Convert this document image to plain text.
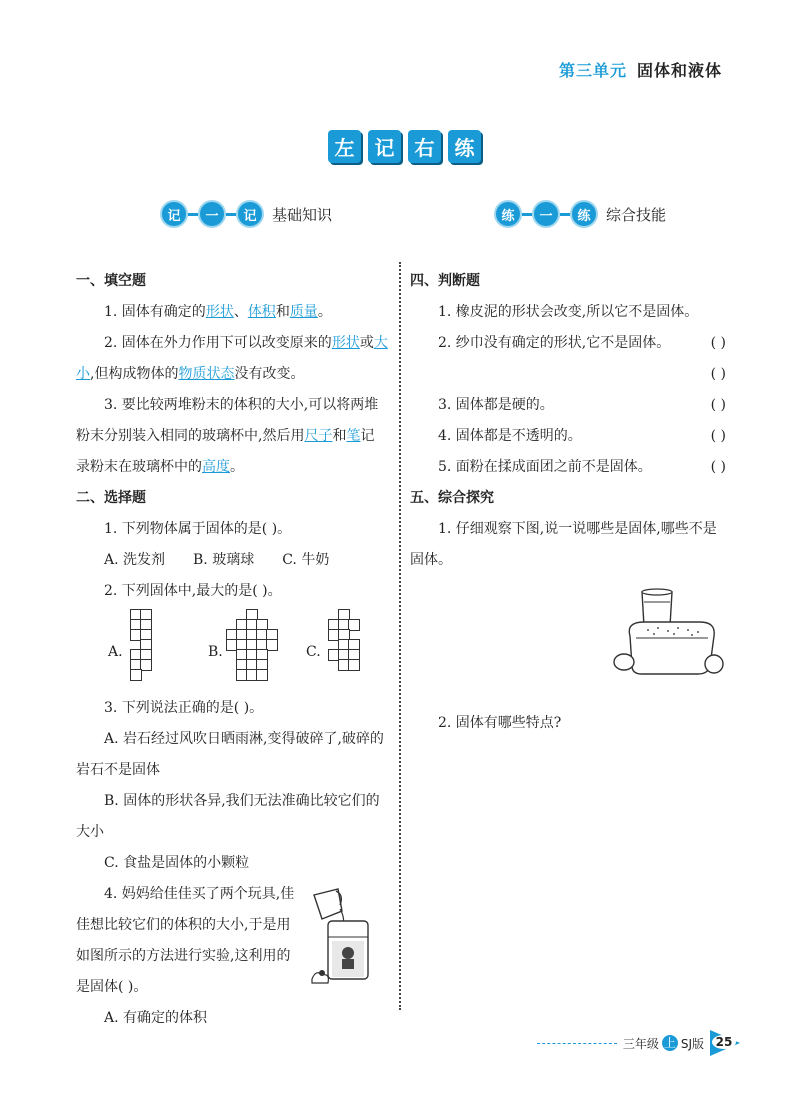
第三单元 固体和液体
左	记	右	练
记	一	记	基础知识	练	一	练	综合技能
一、填空题
1. 固体有确定的形状、体积和质量。
2. 固体在外力作用下可以改变原来的形状或大小,但构成物体的物质状态没有改变。
3. 要比较两堆粉末的体积的大小,可以将两堆粉末分别装入相同的玻璃杯中,然后用尺子和笔记录粉末在玻璃杯中的高度。
二、选择题
1. 下列物体属于固体的是( )。
A. 洗发剂 B. 玻璃球 C. 牛奶
2. 下列固体中,最大的是( )。
A.	B.	C.
3. 下列说法正确的是( )。
A. 岩石经过风吹日晒雨淋,变得破碎了,破碎的岩石不是固体
B. 固体的形状各异,我们无法准确比较它们的大小
C. 食盐是固体的小颗粒
4. 妈妈给佳佳买了两个玩具,佳佳想比较它们的体积的大小,于是用如图所示的方法进行实验,这利用的是固体( )。
A. 有确定的体积
四、判断题
1. 橡皮泥的形状会改变,所以它不是固体。
( )
2. 纱巾没有确定的形状,它不是固体。
( )
3. 固体都是硬的。	( )
4. 固体都是不透明的。	( )
5. 面粉在揉成面团之前不是固体。	( )
五、综合探究
1. 仔细观察下图,说一说哪些是固体,哪些不是固体。
2. 固体有哪些特点?
三年级 上 SJ版 25
